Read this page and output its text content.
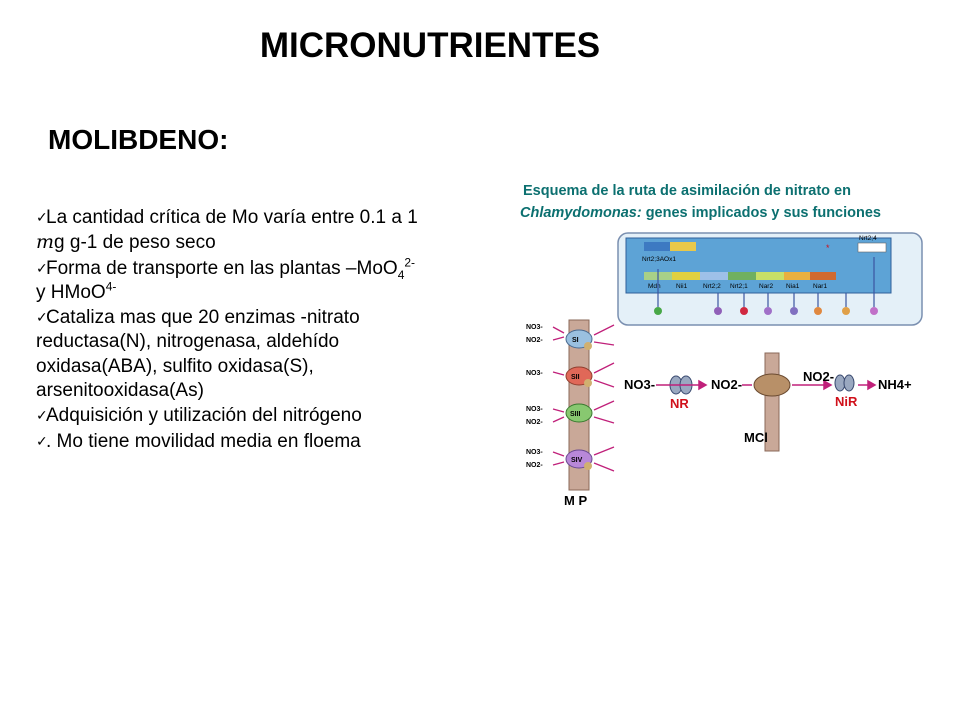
MICRONUTRIENTES
MOLIBDENO:
✓La cantidad crítica de Mo varía entre 0.1 a 1
mg g-1 de peso seco
✓Forma de transporte en las plantas –MoO$_4^{2-}$
y HMoO$^{4-}$
✓Cataliza mas que 20 enzimas -nitrato
reductasa(N), nitrogenasa, aldehído
oxidasa(ABA), sulfito oxidasa(S),
arsenitooxidasa(As)
✓Adquisición y utilización del nitrógeno
✓. Mo tiene movilidad media en floema
Esquema de la ruta de asimilación de nitrato en
Chlamydomonas: genes implicados y sus funciones
Nrt2;3AOx1
*
Mdh Nii1 Nrt2;2 Nrt2;1 Nar2 Nia1 Nar1
Nrt2;4
SI
SII
SIII
SIV
NO3-
NO2-
NO3-
NO3-
NO2-
NO3-
NO2-
NO3-	NO2-
NO2-
NH4+
NR	NiR
MCl
M P
